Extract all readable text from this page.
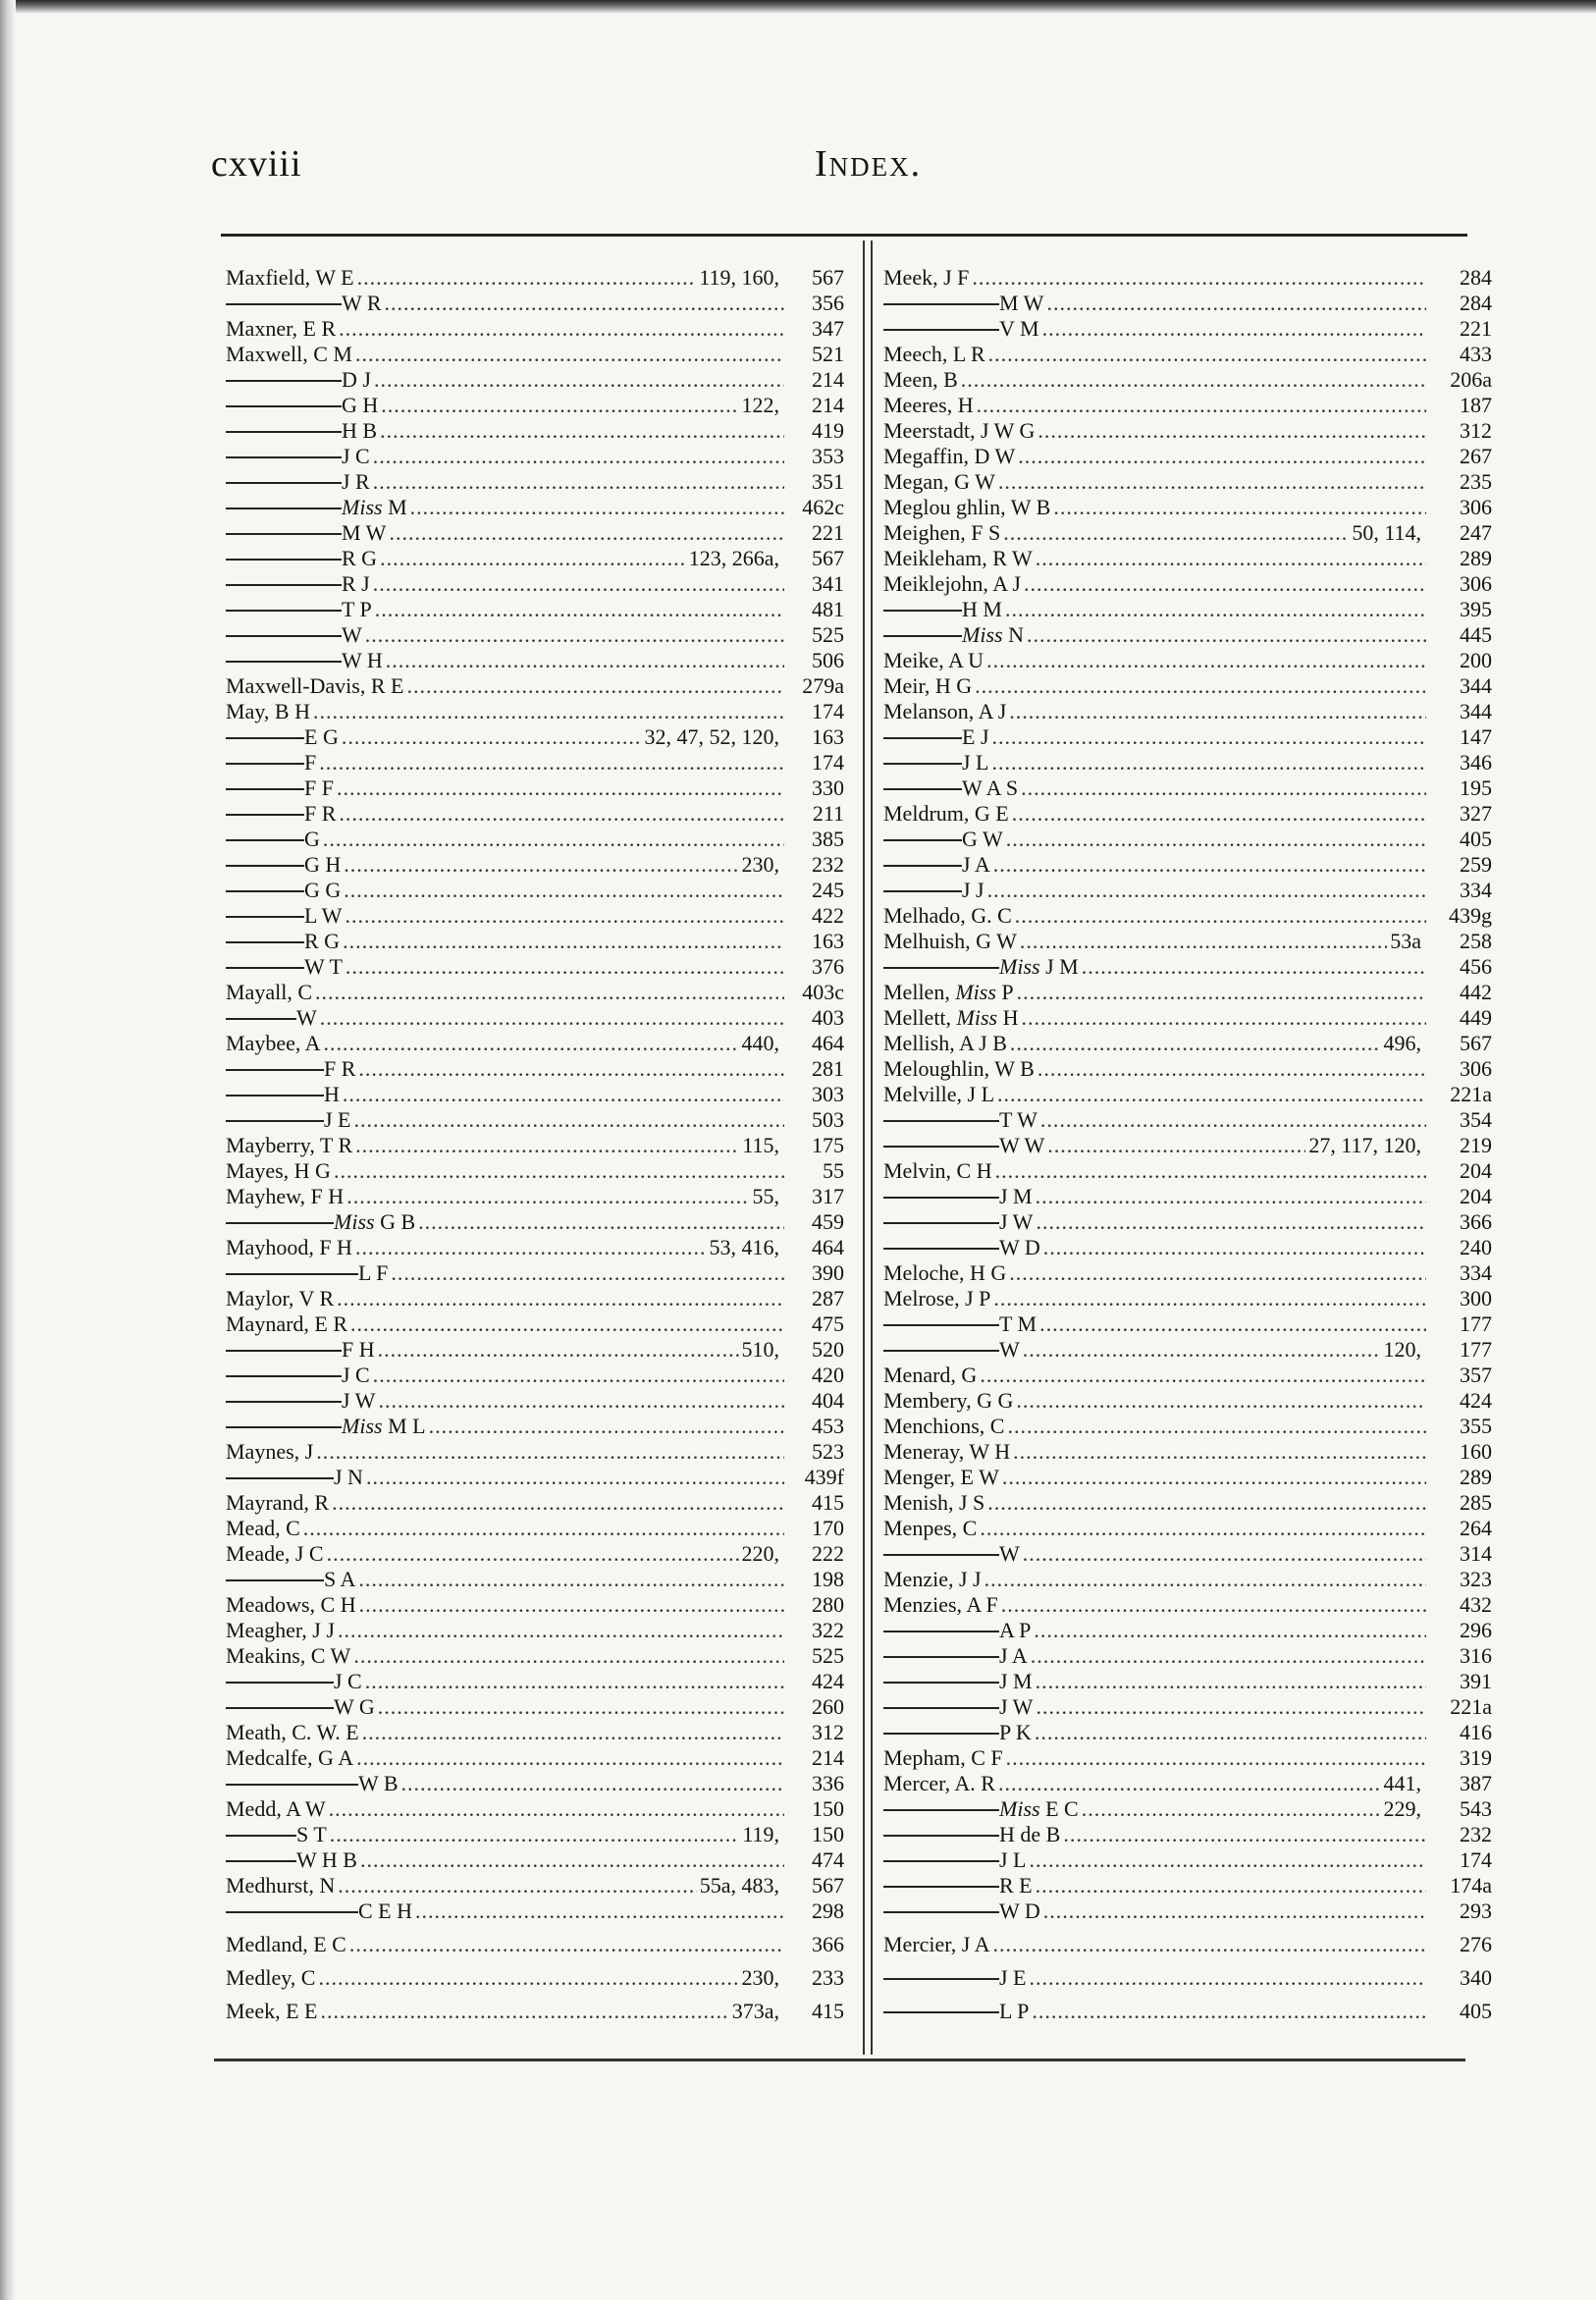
cxviii	Index.
Maxfield, W E .....	119, 160,	567
W R .....	356
Maxner, E R .....	347
Maxwell, C M .....	521
D J .....	214
G H .....	122,	214
H B .....	419
J C .....	353
J R .....	351
Miss M .....	462c
M W .....	221
R G .....	123, 266a,	567
R J .....	341
T P .....	481
W .....	525
W H .....	506
Maxwell-Davis, R E .....	279a
May, B H .....	174
E G .....	32, 47, 52, 120,	163
F .....	174
F F .....	330
F R .....	211
G .....	385
G H .....	230,	232
G G .....	245
L W .....	422
R G .....	163
W T .....	376
Mayall, C .....	403c
W .....	403
Maybee, A .....	440,	464
F R .....	281
H .....	303
J E .....	503
Mayberry, T R .....	115,	175
Mayes, H G .....	55
Mayhew, F H .....	55,	317
Miss G B .....	459
Mayhood, F H .....	53, 416,	464
L F .....	390
Maylor, V R .....	287
Maynard, E R .....	475
F H .....	510,	520
J C .....	420
J W .....	404
Miss M L .....	453
Maynes, J .....	523
J N .....	439f
Mayrand, R .....	415
Mead, C .....	170
Meade, J C .....	220,	222
S A .....	198
Meadows, C H .....	280
Meagher, J J .....	322
Meakins, C W .....	525
J C .....	424
W G .....	260
Meath, C. W. E .....	312
Medcalfe, G A .....	214
W B .....	336
Medd, A W .....	150
S T .....	119,	150
W H B .....	474
Medhurst, N .....	55a, 483,	567
C E H .....	298
Medland, E C .....	366
Medley, C .....	230,	233
Meek, E E .....	373a,	415
Meek, J F .....	284
M W .....	284
V M .....	221
Meech, L R .....	433
Meen, B .....	206a
Meeres, H .....	187
Meerstadt, J W G .....	312
Megaffin, D W .....	267
Megan, G W .....	235
Meglou ghlin, W B .....	306
Meighen, F S .....	50, 114,	247
Meikleham, R W .....	289
Meiklejohn, A J .....	306
H M .....	395
Miss N .....	445
Meike, A U .....	200
Meir, H G .....	344
Melanson, A J .....	344
E J .....	147
J L .....	346
W A S .....	195
Meldrum, G E .....	327
G W .....	405
J A .....	259
J J .....	334
Melhado, G. C .....	439g
Melhuish, G W .....	53a	258
Miss J M .....	456
Mellen, Miss P .....	442
Mellett, Miss H .....	449
Mellish, A J B .....	496,	567
Meloughlin, W B .....	306
Melville, J L .....	221a
T W .....	354
W W .....	27, 117, 120,	219
Melvin, C H .....	204
J M .....	204
J W .....	366
W D .....	240
Meloche, H G .....	334
Melrose, J P .....	300
T M .....	177
W .....	120,	177
Menard, G .....	357
Membery, G G .....	424
Menchions, C .....	355
Meneray, W H .....	160
Menger, E W .....	289
Menish, J S .....	285
Menpes, C .....	264
W .....	314
Menzie, J J .....	323
Menzies, A F .....	432
A P .....	296
J A .....	316
J M .....	391
J W .....	221a
P K .....	416
Mepham, C F .....	319
Mercer, A. R .....	441,	387
Miss E C .....	229,	543
H de B .....	232
J L .....	174
R E .....	174a
W D .....	293
Mercier, J A .....	276
J E .....	340
L P .....	405
